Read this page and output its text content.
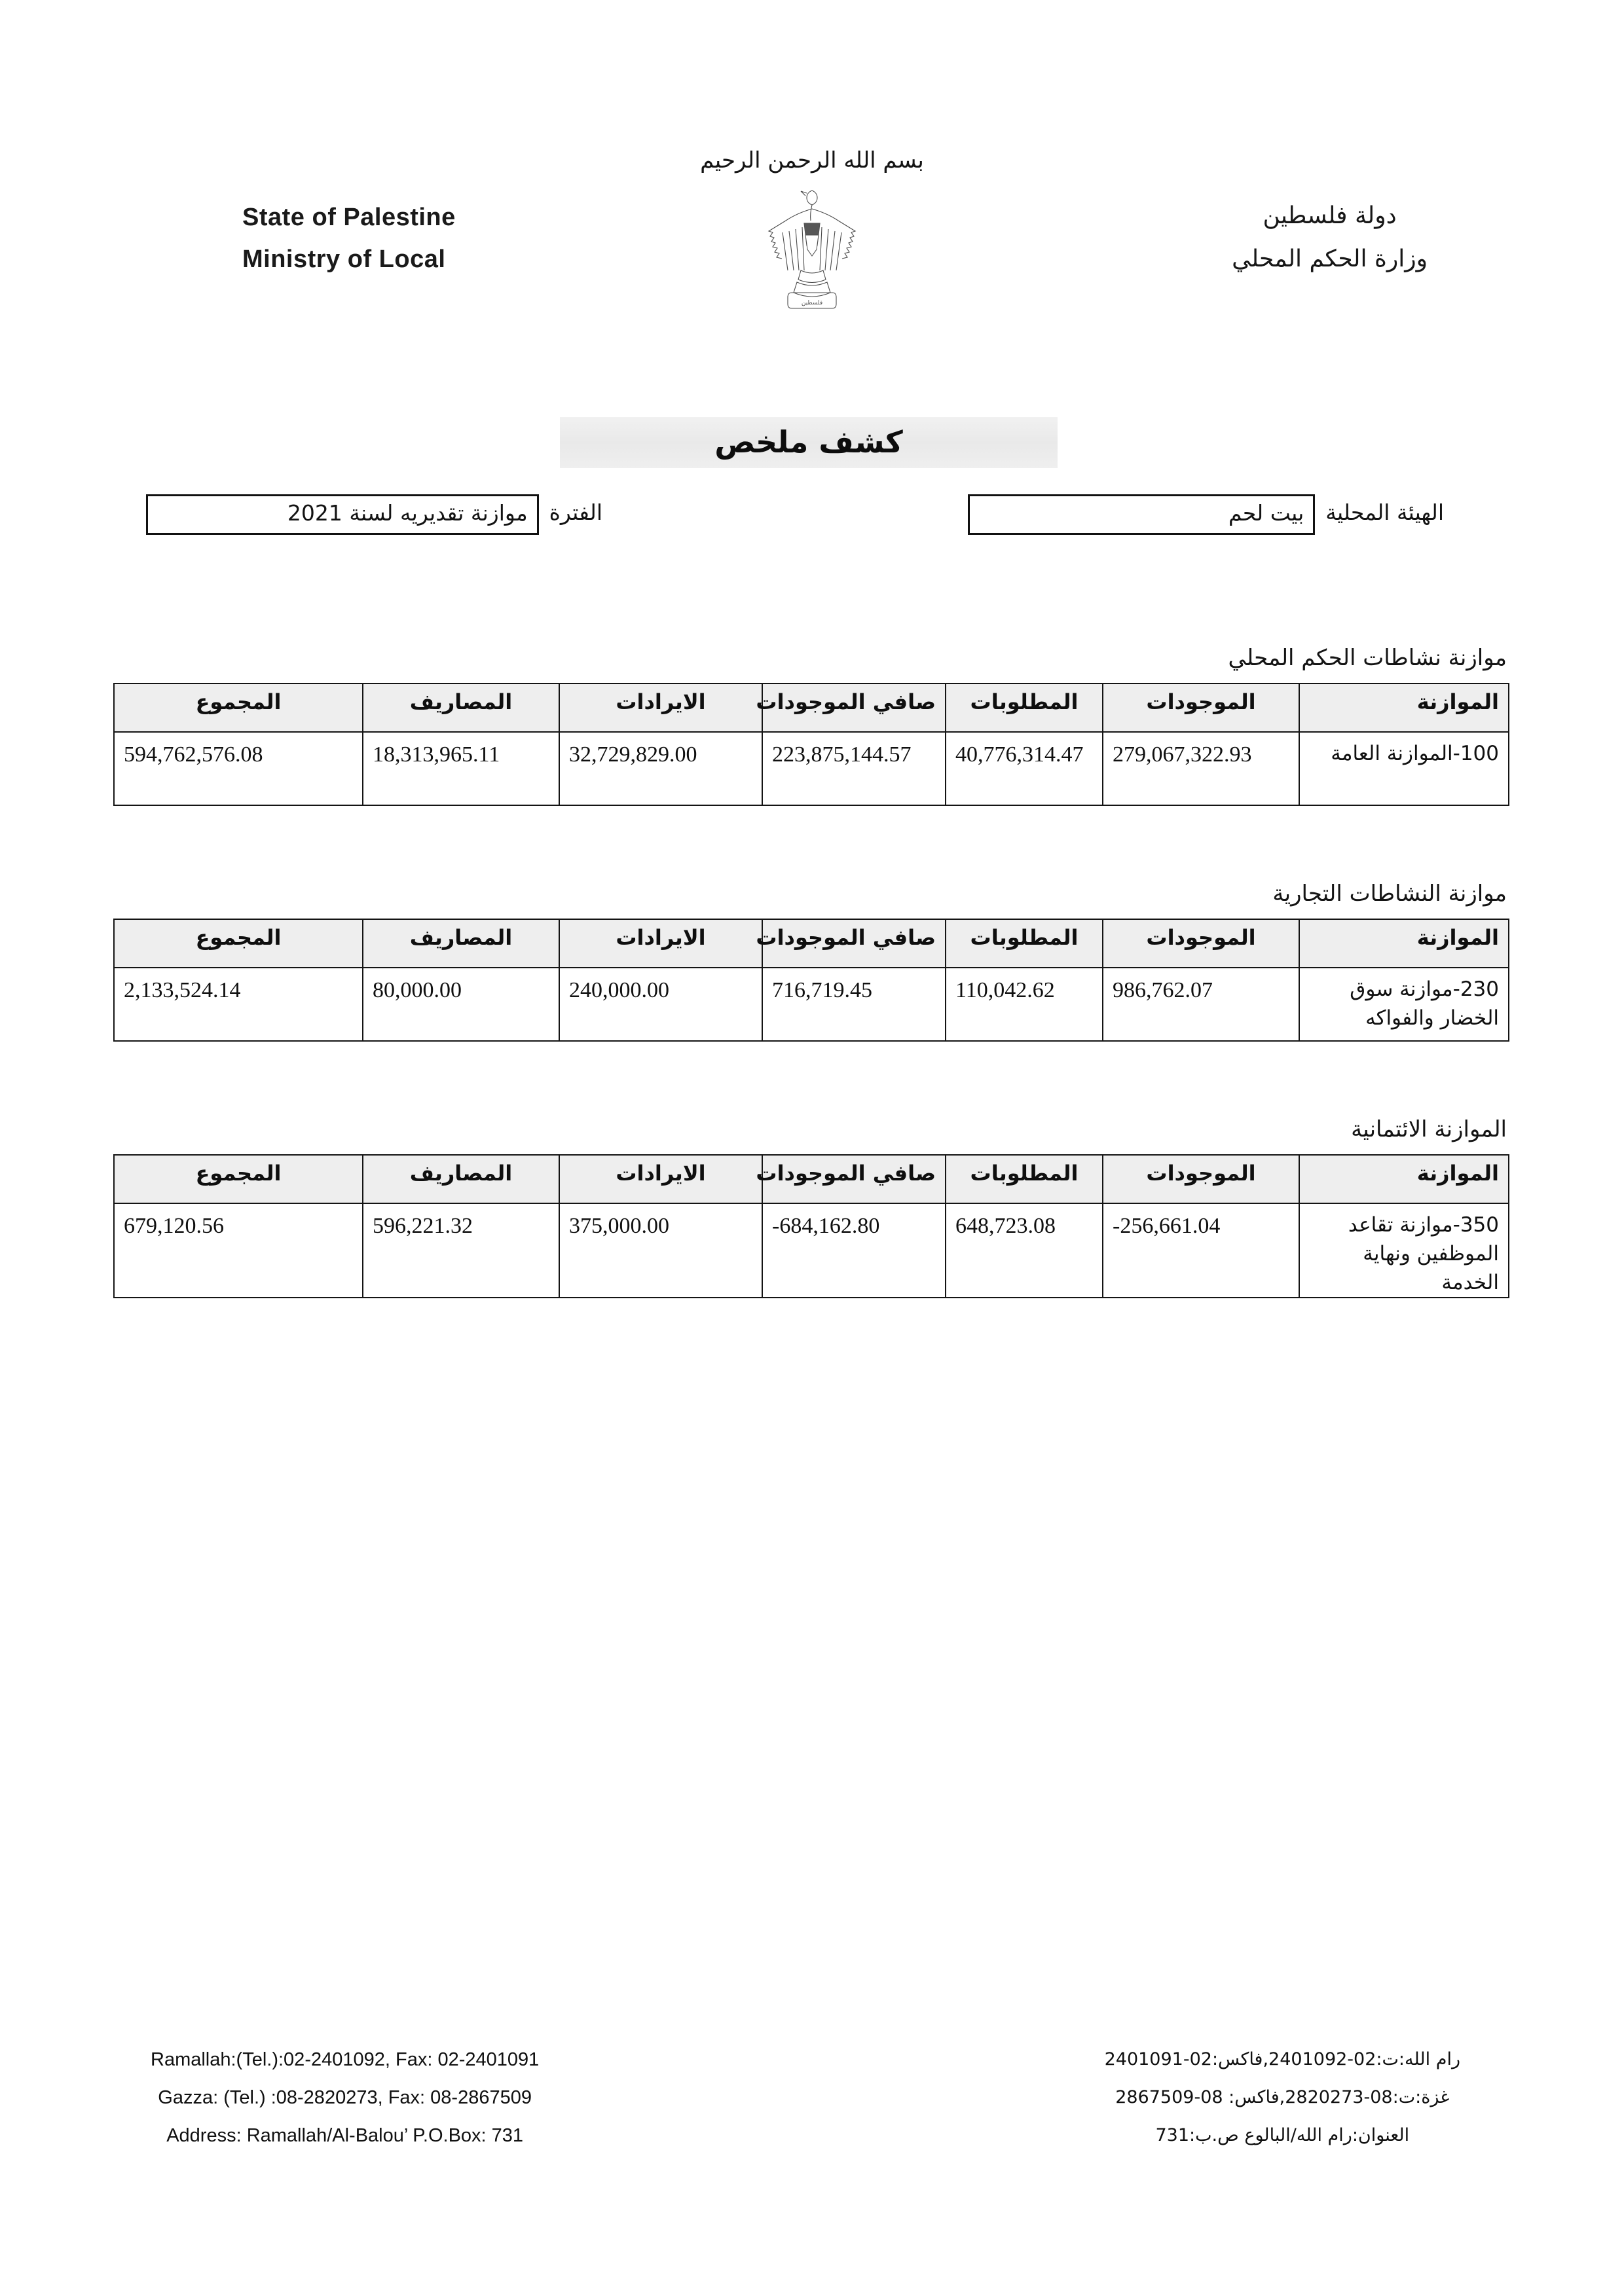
بسم الله الرحمن الرحيم
فلسطين
State of Palestine
Ministry of Local
دولة فلسطين
وزارة الحكم المحلي
كشف ملخص
الهيئة المحلية
بيت لحم
الفترة
موازنة تقديريه لسنة 2021
موازنة نشاطات الحكم المحلي
الموازنة	الموجودات	المطلوبات	صافي الموجودات	الايرادات	المصاريف	المجموع
100-الموازنة العامة	279,067,322.93	40,776,314.47	223,875,144.57	32,729,829.00	18,313,965.11	594,762,576.08
موازنة النشاطات التجارية
الموازنة	الموجودات	المطلوبات	صافي الموجودات	الايرادات	المصاريف	المجموع
230-موازنة سوق الخضار والفواكه	986,762.07	110,042.62	716,719.45	240,000.00	80,000.00	2,133,524.14
الموازنة الائتمانية
الموازنة	الموجودات	المطلوبات	صافي الموجودات	الايرادات	المصاريف	المجموع
350-موازنة تقاعد الموظفين ونهاية الخدمة	-256,661.04	648,723.08	-684,162.80	375,000.00	596,221.32	679,120.56
Ramallah:(Tel.):02-2401092, Fax: 02-2401091
Gazza: (Tel.) :08-2820273, Fax: 08-2867509
Address: Ramallah/Al-Balou’ P.O.Box: 731
رام الله:ت:02-2401092,فاكس:02-2401091
غزة:ت:08-2820273,فاكس: 08-2867509
العنوان:رام الله/البالوع ص.ب:731
